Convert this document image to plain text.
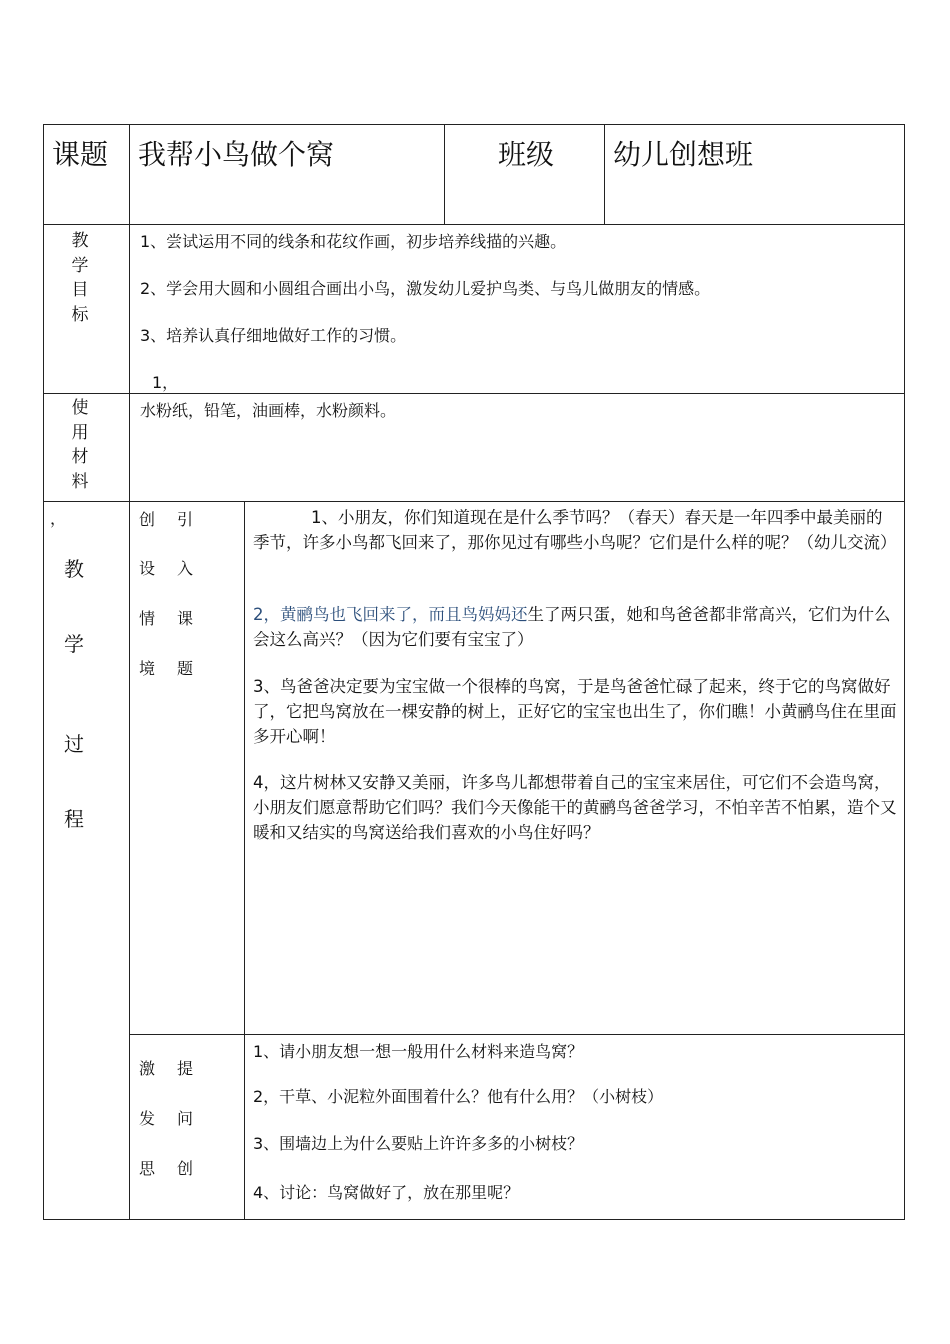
课题 我帮小鸟做个窝	班级 幼儿创想班
教
学
目
标
1、尝试运用不同的线条和花纹作画，初步培养线描的兴趣。
2、学会用大圆和小圆组合画出小鸟，激发幼儿爱护鸟类、与鸟儿做朋友的情感。
3、培养认真仔细地做好工作的习惯。
1，
使
用
材
料
水粉纸，铅笔，油画棒，水粉颜料。
，
教
学
过
程
创
设
情
境
引
入
课
题
1、小朋友，你们知道现在是什么季节吗？（春天）春天是一年四季中最美丽的季节，许多小鸟都飞回来了，那你见过有哪些小鸟呢？它们是什么样的呢？（幼儿交流）
2，黄鹂鸟也飞回来了，而且鸟妈妈还生了两只蛋，她和鸟爸爸都非常高兴，它们为什么会这么高兴？（因为它们要有宝宝了）
3、鸟爸爸决定要为宝宝做一个很棒的鸟窝，于是鸟爸爸忙碌了起来，终于它的鸟窝做好了，它把鸟窝放在一棵安静的树上，正好它的宝宝也出生了，你们瞧！小黄鹂鸟住在里面多开心啊！
4，这片树林又安静又美丽，许多鸟儿都想带着自己的宝宝来居住，可它们不会造鸟窝，小朋友们愿意帮助它们吗？我们今天像能干的黄鹂鸟爸爸学习，不怕辛苦不怕累，造个又暖和又结实的鸟窝送给我们喜欢的小鸟住好吗？
激
发
思
提
问
创
1、请小朋友想一想一般用什么材料来造鸟窝？
2，干草、小泥粒外面围着什么？他有什么用？（小树枝）
3、围墙边上为什么要贴上许许多多的小树枝？
4、讨论：鸟窝做好了，放在那里呢？
